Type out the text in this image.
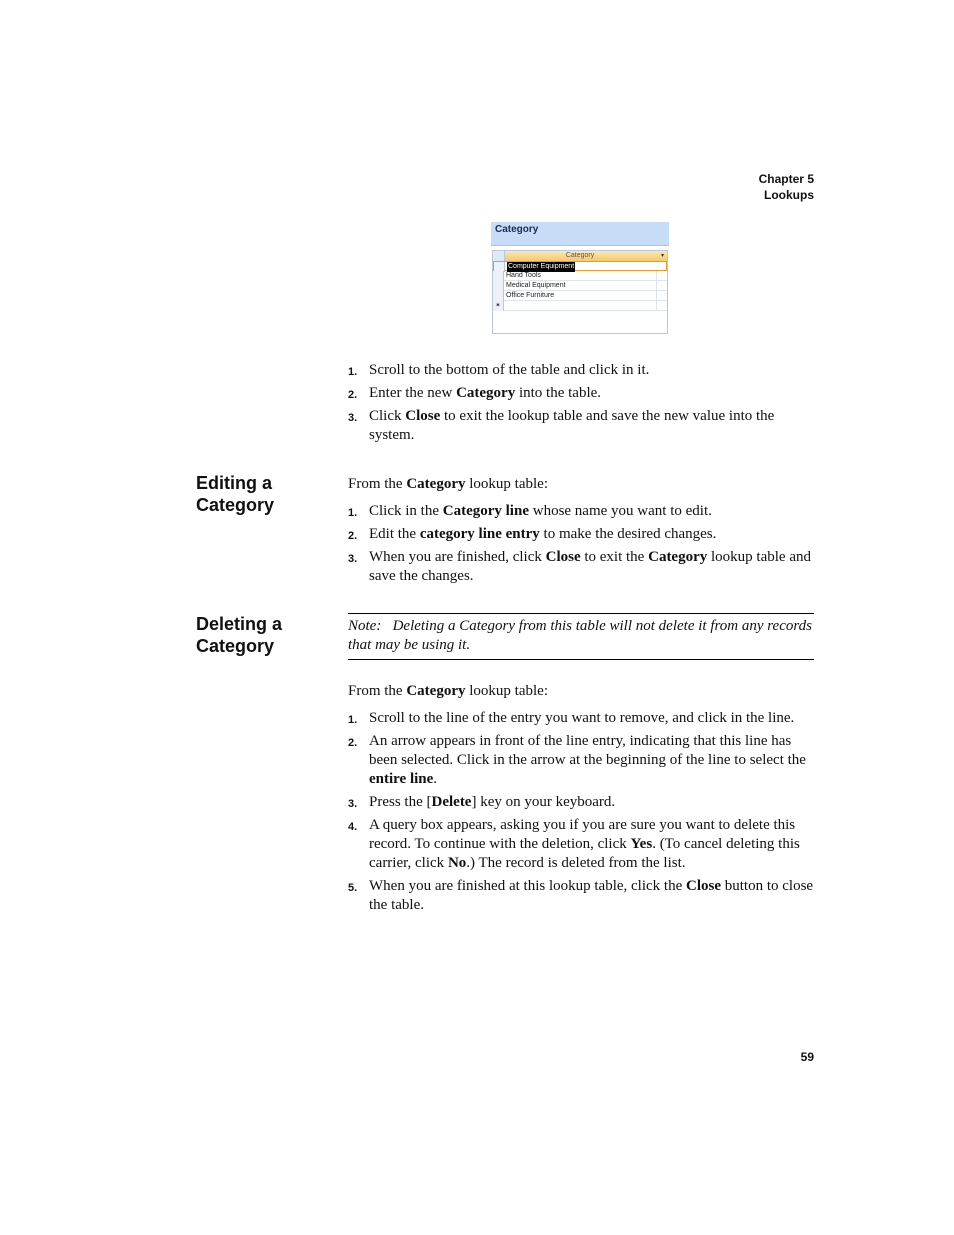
Chapter 5
Lookups
Category
Category	▾
Computer Equipment
Hand Tools
Medical Equipment
Office Furniture
*
1. Scroll to the bottom of the table and click in it.
2. Enter the new Category into the table.
3. Click Close to exit the lookup table and save the new value into the system.
Editing a
Category
From the Category lookup table:
1. Click in the Category line whose name you want to edit.
2. Edit the category line entry to make the desired changes.
3. When you are finished, click Close to exit the Category lookup table and save the changes.
Deleting a
Category
Note: Deleting a Category from this table will not delete it from any records that may be using it.
From the Category lookup table:
1. Scroll to the line of the entry you want to remove, and click in the line.
2. An arrow appears in front of the line entry, indicating that this line has been selected. Click in the arrow at the beginning of the line to select the entire line.
3. Press the [Delete] key on your keyboard.
4. A query box appears, asking you if you are sure you want to delete this record. To continue with the deletion, click Yes. (To cancel deleting this carrier, click No.) The record is deleted from the list.
5. When you are finished at this lookup table, click the Close button to close the table.
59
